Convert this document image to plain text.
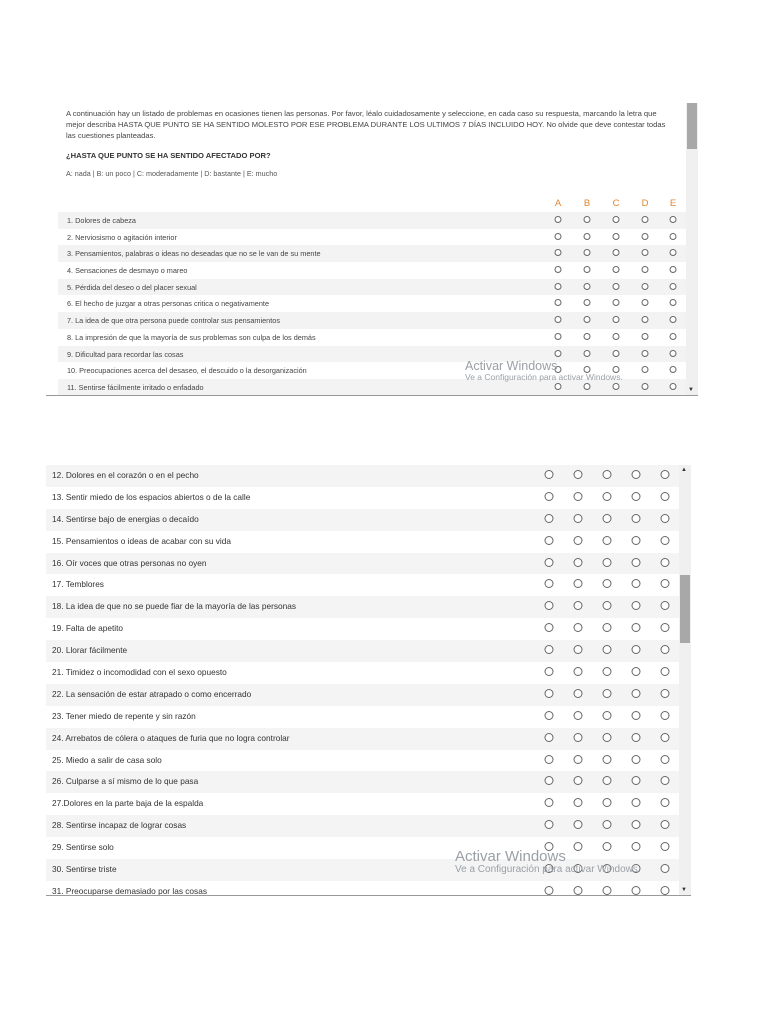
A continuación hay un listado de problemas en ocasiones tienen las personas. Por favor, léalo cuidadosamente y seleccione, en cada caso su respuesta, marcando la letra que mejor describa HASTA QUE PUNTO SE HA SENTIDO MOLESTO POR ESE PROBLEMA DURANTE LOS ULTIMOS 7 DÍAS INCLUIDO HOY. No olvide que deve contestar todas las cuestiones planteadas.
¿HASTA QUE PUNTO SE HA SENTIDO AFECTADO POR?
A: nada | B: un poco | C: moderadamente | D: bastante | E: mucho
A B C D E
1. Dolores de cabeza
2. Nerviosismo o agitación interior
3. Pensamientos, palabras o ideas no deseadas que no se le van de su mente
4. Sensaciones de desmayo o mareo
5. Pérdida del deseo o del placer sexual
6. El hecho de juzgar a otras personas critica o negativamente
7. La idea de que otra persona puede controlar sus pensamientos
8. La impresión de que la mayoría de sus problemas son culpa de los demás
9. Dificultad para recordar las cosas
10. Preocupaciones acerca del desaseo, el descuido o la desorganización
11. Sentirse fácilmente irritado o enfadado	▼
Activar Windows
Ve a Configuración para activar Windows.
12. Dolores en el corazón o en el pecho
13. Sentir miedo de los espacios abiertos o de la calle
14. Sentirse bajo de energias o decaído
15. Pensamientos o ideas de acabar con su vida
16. Oír voces que otras personas no oyen
17. Temblores
18. La idea de que no se puede fiar de la mayoría de las personas
19. Falta de apetito
20. Llorar fácilmente
21. Timidez o incomodidad con el sexo opuesto
22. La sensación de estar atrapado o como encerrado
23. Tener miedo de repente y sin razón
24. Arrebatos de cólera o ataques de furia que no logra controlar
25. Miedo a salir de casa solo
26. Culparse a sí mismo de lo que pasa
27.Dolores en la parte baja de la espalda
28. Sentirse incapaz de lograr cosas
29. Sentirse solo
30. Sentirse triste
31. Preocuparse demasiado por las cosas
▲
▼
Activar Windows
Ve a Configuración para activar Windows.
